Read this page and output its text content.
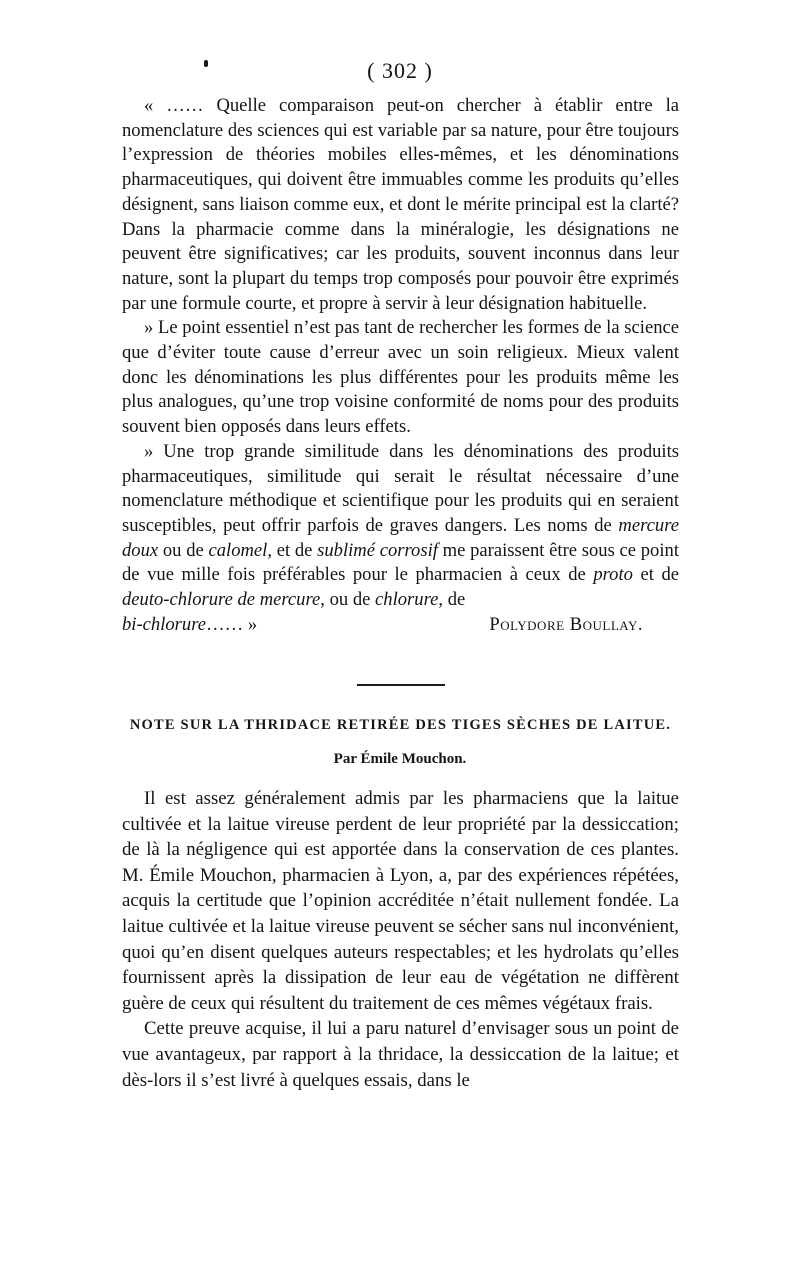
( 302 )

« …… Quelle comparaison peut-on chercher à établir entre la nomenclature des sciences qui est variable par sa nature, pour être toujours l’expression de théories mobiles elles-mêmes, et les dénominations pharmaceutiques, qui doivent être immuables comme les produits qu’elles désignent, sans liaison comme eux, et dont le mérite principal est la clarté? Dans la pharmacie comme dans la minéralogie, les désignations ne peuvent être significatives; car les produits, souvent inconnus dans leur nature, sont la plupart du temps trop composés pour pouvoir être exprimés par une formule courte, et propre à servir à leur désignation habituelle.

» Le point essentiel n’est pas tant de rechercher les formes de la science que d’éviter toute cause d’erreur avec un soin religieux. Mieux valent donc les dénominations les plus différentes pour les produits même les plus analogues, qu’une trop voisine conformité de noms pour des produits souvent bien opposés dans leurs effets.

» Une trop grande similitude dans les dénominations des produits pharmaceutiques, similitude qui serait le résultat nécessaire d’une nomenclature méthodique et scientifique pour les produits qui en seraient susceptibles, peut offrir parfois de graves dangers. Les noms de mercure doux ou de calomel, et de sublimé corrosif me paraissent être sous ce point de vue mille fois préférables pour le pharmacien à ceux de proto et de deuto-chlorure de mercure, ou de chlorure, de

bi-chlorure…… »	Polydore Boullay.
NOTE SUR LA THRIDACE RETIRÉE DES TIGES SÈCHES DE LAITUE.
Par Émile Mouchon.

Il est assez généralement admis par les pharmaciens que la laitue cultivée et la laitue vireuse perdent de leur propriété par la dessiccation; de là la négligence qui est apportée dans la conservation de ces plantes. M. Émile Mouchon, pharmacien à Lyon, a, par des expériences répétées, acquis la certitude que l’opinion accréditée n’était nullement fondée. La laitue cultivée et la laitue vireuse peuvent se sécher sans nul inconvénient, quoi qu’en disent quelques auteurs respectables; et les hydrolats qu’elles fournissent après la dissipation de leur eau de végétation ne diffèrent guère de ceux qui résultent du traitement de ces mêmes végétaux frais.

Cette preuve acquise, il lui a paru naturel d’envisager sous un point de vue avantageux, par rapport à la thridace, la dessiccation de la laitue; et dès-lors il s’est livré à quelques essais, dans le
